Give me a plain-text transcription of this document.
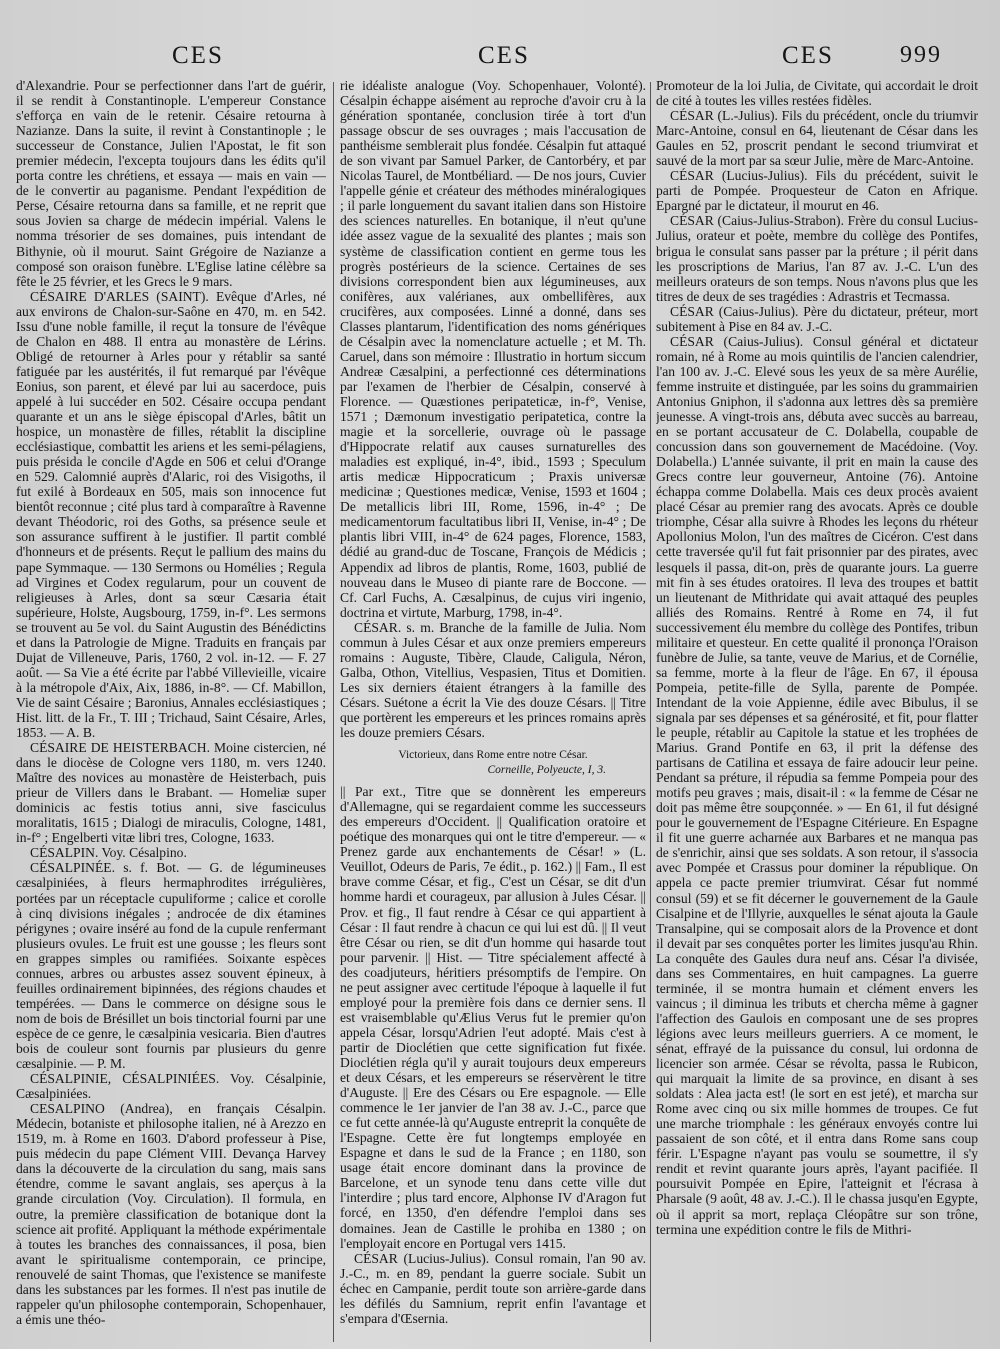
CES	CES	CES	999

d'Alexandrie. Pour se perfectionner dans l'art de guérir, il se rendit à Constantinople. L'empereur Constance s'efforça en vain de le retenir. Césaire retourna à Nazianze. Dans la suite, il revint à Constantinople ; le successeur de Constance, Julien l'Apostat, le fit son premier médecin, l'excepta toujours dans les édits qu'il porta contre les chrétiens, et essaya — mais en vain — de le convertir au paganisme. Pendant l'expédition de Perse, Césaire retourna dans sa famille, et ne reprit que sous Jovien sa charge de médecin impérial. Valens le nomma trésorier de ses domaines, puis intendant de Bithynie, où il mourut. Saint Grégoire de Nazianze a composé son oraison funèbre. L'Eglise latine célèbre sa fête le 25 février, et les Grecs le 9 mars.

CÉSAIRE D'ARLES (SAINT). Evêque d'Arles, né aux environs de Chalon-sur-Saône en 470, m. en 542. Issu d'une noble famille, il reçut la tonsure de l'évêque de Chalon en 488. Il entra au monastère de Lérins. Obligé de retourner à Arles pour y rétablir sa santé fatiguée par les austérités, il fut remarqué par l'évêque Eonius, son parent, et élevé par lui au sacerdoce, puis appelé à lui succéder en 502. Césaire occupa pendant quarante et un ans le siège épiscopal d'Arles, bâtit un hospice, un monastère de filles, rétablit la discipline ecclésiastique, combattit les ariens et les semi-pélagiens, puis présida le concile d'Agde en 506 et celui d'Orange en 529. Calomnié auprès d'Alaric, roi des Visigoths, il fut exilé à Bordeaux en 505, mais son innocence fut bientôt reconnue ; cité plus tard à comparaître à Ravenne devant Théodoric, roi des Goths, sa présence seule et son assurance suffirent à le justifier. Il partit comblé d'honneurs et de présents. Reçut le pallium des mains du pape Symmaque. — 130 Sermons ou Homélies ; Regula ad Virgines et Codex regularum, pour un couvent de religieuses à Arles, dont sa sœur Cæsaria était supérieure, Holste, Augsbourg, 1759, in-f°. Les sermons se trouvent au 5e vol. du Saint Augustin des Bénédictins et dans la Patrologie de Migne. Traduits en français par Dujat de Villeneuve, Paris, 1760, 2 vol. in-12. — F. 27 août. — Sa Vie a été écrite par l'abbé Villevieille, vicaire à la métropole d'Aix, Aix, 1886, in-8°. — Cf. Mabillon, Vie de saint Césaire ; Baronius, Annales ecclésiastiques ; Hist. litt. de la Fr., T. III ; Trichaud, Saint Césaire, Arles, 1853. — A. B.

CÉSAIRE DE HEISTERBACH. Moine cistercien, né dans le diocèse de Cologne vers 1180, m. vers 1240. Maître des novices au monastère de Heisterbach, puis prieur de Villers dans le Brabant. — Homeliæ super dominicis ac festis totius anni, sive fasciculus moralitatis, 1615 ; Dialogi de miraculis, Cologne, 1481, in-f° ; Engelberti vitæ libri tres, Cologne, 1633.

CÉSALPIN. Voy. Césalpino.

CÉSALPINÉE. s. f. Bot. — G. de légumineuses cæsalpiniées, à fleurs hermaphrodites irrégulières, portées par un réceptacle cupuliforme ; calice et corolle à cinq divisions inégales ; androcée de dix étamines périgynes ; ovaire inséré au fond de la cupule renfermant plusieurs ovules. Le fruit est une gousse ; les fleurs sont en grappes simples ou ramifiées. Soixante espèces connues, arbres ou arbustes assez souvent épineux, à feuilles ordinairement bipinnées, des régions chaudes et tempérées. — Dans le commerce on désigne sous le nom de bois de Brésillet un bois tinctorial fourni par une espèce de ce genre, le cæsalpinia vesicaria. Bien d'autres bois de couleur sont fournis par plusieurs du genre cæsalpinie. — P. M.

CÉSALPINIE, CÉSALPINIÉES. Voy. Césalpinie, Cæsalpiniées.

CESALPINO (Andrea), en français Césalpin. Médecin, botaniste et philosophe italien, né à Arezzo en 1519, m. à Rome en 1603. D'abord professeur à Pise, puis médecin du pape Clément VIII. Devança Harvey dans la découverte de la circulation du sang, mais sans étendre, comme le savant anglais, ses aperçus à la grande circulation (Voy. Circulation). Il formula, en outre, la première classification de botanique dont la science ait profité. Appliquant la méthode expérimentale à toutes les branches des connaissances, il posa, bien avant le spiritualisme contemporain, ce principe, renouvelé de saint Thomas, que l'existence se manifeste dans les substances par les formes. Il n'est pas inutile de rappeler qu'un philosophe contemporain, Schopenhauer, a émis une théo-

rie idéaliste analogue (Voy. Schopenhauer, Volonté). Césalpin échappe aisément au reproche d'avoir cru à la génération spontanée, conclusion tirée à tort d'un passage obscur de ses ouvrages ; mais l'accusation de panthéisme semblerait plus fondée. Césalpin fut attaqué de son vivant par Samuel Parker, de Cantorbéry, et par Nicolas Taurel, de Montbéliard. — De nos jours, Cuvier l'appelle génie et créateur des méthodes minéralogiques ; il parle longuement du savant italien dans son Histoire des sciences naturelles. En botanique, il n'eut qu'une idée assez vague de la sexualité des plantes ; mais son système de classification contient en germe tous les progrès postérieurs de la science. Certaines de ses divisions correspondent bien aux légumineuses, aux conifères, aux valérianes, aux ombellifères, aux crucifères, aux composées. Linné a donné, dans ses Classes plantarum, l'identification des noms génériques de Césalpin avec la nomenclature actuelle ; et M. Th. Caruel, dans son mémoire : Illustratio in hortum siccum Andreæ Cæsalpini, a perfectionné ces déterminations par l'examen de l'herbier de Césalpin, conservé à Florence. — Quæstiones peripateticæ, in-f°, Venise, 1571 ; Dæmonum investigatio peripatetica, contre la magie et la sorcellerie, ouvrage où le passage d'Hippocrate relatif aux causes surnaturelles des maladies est expliqué, in-4°, ibid., 1593 ; Speculum artis medicæ Hippocraticum ; Praxis universæ medicinæ ; Questiones medicæ, Venise, 1593 et 1604 ; De metallicis libri III, Rome, 1596, in-4° ; De medicamentorum facultatibus libri II, Venise, in-4° ; De plantis libri VIII, in-4° de 624 pages, Florence, 1583, dédié au grand-duc de Toscane, François de Médicis ; Appendix ad libros de plantis, Rome, 1603, publié de nouveau dans le Museo di piante rare de Boccone. — Cf. Carl Fuchs, A. Cæsalpinus, de cujus viri ingenio, doctrina et virtute, Marburg, 1798, in-4°.

CÉSAR. s. m. Branche de la famille de Julia. Nom commun à Jules César et aux onze premiers empereurs romains : Auguste, Tibère, Claude, Caligula, Néron, Galba, Othon, Vitellius, Vespasien, Titus et Domitien. Les six derniers étaient étrangers à la famille des Césars. Suétone a écrit la Vie des douze Césars. || Titre que portèrent les empereurs et les princes romains après les douze premiers Césars.

Victorieux, dans Rome entre notre César.
Corneille, Polyeucte, I, 3.

|| Par ext., Titre que se donnèrent les empereurs d'Allemagne, qui se regardaient comme les successeurs des empereurs d'Occident. || Qualification oratoire et poétique des monarques qui ont le titre d'empereur. — « Prenez garde aux enchantements de César! » (L. Veuillot, Odeurs de Paris, 7e édit., p. 162.) || Fam., Il est brave comme César, et fig., C'est un César, se dit d'un homme hardi et courageux, par allusion à Jules César. || Prov. et fig., Il faut rendre à César ce qui appartient à César : Il faut rendre à chacun ce qui lui est dû. || Il veut être César ou rien, se dit d'un homme qui hasarde tout pour parvenir. || Hist. — Titre spécialement affecté à des coadjuteurs, héritiers présomptifs de l'empire. On ne peut assigner avec certitude l'époque à laquelle il fut employé pour la première fois dans ce dernier sens. Il est vraisemblable qu'Ælius Verus fut le premier qu'on appela César, lorsqu'Adrien l'eut adopté. Mais c'est à partir de Dioclétien que cette signification fut fixée. Dioclétien régla qu'il y aurait toujours deux empereurs et deux Césars, et les empereurs se réservèrent le titre d'Auguste. || Ere des Césars ou Ere espagnole. — Elle commence le 1er janvier de l'an 38 av. J.-C., parce que ce fut cette année-là qu'Auguste entreprit la conquête de l'Espagne. Cette ère fut longtemps employée en Espagne et dans le sud de la France ; en 1180, son usage était encore dominant dans la province de Barcelone, et un synode tenu dans cette ville dut l'interdire ; plus tard encore, Alphonse IV d'Aragon fut forcé, en 1350, d'en défendre l'emploi dans ses domaines. Jean de Castille le prohiba en 1380 ; on l'employait encore en Portugal vers 1415.

CÉSAR (Lucius-Julius). Consul romain, l'an 90 av. J.-C., m. en 89, pendant la guerre sociale. Subit un échec en Campanie, perdit toute son arrière-garde dans les défilés du Samnium, reprit enfin l'avantage et s'empara d'Œsernia.

Promoteur de la loi Julia, de Civitate, qui accordait le droit de cité à toutes les villes restées fidèles.

CÉSAR (L.-Julius). Fils du précédent, oncle du triumvir Marc-Antoine, consul en 64, lieutenant de César dans les Gaules en 52, proscrit pendant le second triumvirat et sauvé de la mort par sa sœur Julie, mère de Marc-Antoine.

CÉSAR (Lucius-Julius). Fils du précédent, suivit le parti de Pompée. Proquesteur de Caton en Afrique. Epargné par le dictateur, il mourut en 46.

CÉSAR (Caius-Julius-Strabon). Frère du consul Lucius-Julius, orateur et poète, membre du collège des Pontifes, brigua le consulat sans passer par la préture ; il périt dans les proscriptions de Marius, l'an 87 av. J.-C. L'un des meilleurs orateurs de son temps. Nous n'avons plus que les titres de deux de ses tragédies : Adrastris et Tecmassa.

CÉSAR (Caius-Julius). Père du dictateur, préteur, mort subitement à Pise en 84 av. J.-C.

CÉSAR (Caius-Julius). Consul général et dictateur romain, né à Rome au mois quintilis de l'ancien calendrier, l'an 100 av. J.-C. Elevé sous les yeux de sa mère Aurélie, femme instruite et distinguée, par les soins du grammairien Antonius Gniphon, il s'adonna aux lettres dès sa première jeunesse. A vingt-trois ans, débuta avec succès au barreau, en se portant accusateur de C. Dolabella, coupable de concussion dans son gouvernement de Macédoine. (Voy. Dolabella.) L'année suivante, il prit en main la cause des Grecs contre leur gouverneur, Antoine (76). Antoine échappa comme Dolabella. Mais ces deux procès avaient placé César au premier rang des avocats. Après ce double triomphe, César alla suivre à Rhodes les leçons du rhéteur Apollonius Molon, l'un des maîtres de Cicéron. C'est dans cette traversée qu'il fut fait prisonnier par des pirates, avec lesquels il passa, dit-on, près de quarante jours. La guerre mit fin à ses études oratoires. Il leva des troupes et battit un lieutenant de Mithridate qui avait attaqué des peuples alliés des Romains. Rentré à Rome en 74, il fut successivement élu membre du collège des Pontifes, tribun militaire et questeur. En cette qualité il prononça l'Oraison funèbre de Julie, sa tante, veuve de Marius, et de Cornélie, sa femme, morte à la fleur de l'âge. En 67, il épousa Pompeia, petite-fille de Sylla, parente de Pompée. Intendant de la voie Appienne, édile avec Bibulus, il se signala par ses dépenses et sa générosité, et fit, pour flatter le peuple, rétablir au Capitole la statue et les trophées de Marius. Grand Pontife en 63, il prit la défense des partisans de Catilina et essaya de faire adoucir leur peine. Pendant sa préture, il répudia sa femme Pompeia pour des motifs peu graves ; mais, disait-il : « la femme de César ne doit pas même être soupçonnée. » — En 61, il fut désigné pour le gouvernement de l'Espagne Citérieure. En Espagne il fit une guerre acharnée aux Barbares et ne manqua pas de s'enrichir, ainsi que ses soldats. A son retour, il s'associa avec Pompée et Crassus pour dominer la république. On appela ce pacte premier triumvirat. César fut nommé consul (59) et se fit décerner le gouvernement de la Gaule Cisalpine et de l'Illyrie, auxquelles le sénat ajouta la Gaule Transalpine, qui se composait alors de la Provence et dont il devait par ses conquêtes porter les limites jusqu'au Rhin. La conquête des Gaules dura neuf ans. César l'a divisée, dans ses Commentaires, en huit campagnes. La guerre terminée, il se montra humain et clément envers les vaincus ; il diminua les tributs et chercha même à gagner l'affection des Gaulois en composant une de ses propres légions avec leurs meilleurs guerriers. A ce moment, le sénat, effrayé de la puissance du consul, lui ordonna de licencier son armée. César se révolta, passa le Rubicon, qui marquait la limite de sa province, en disant à ses soldats : Alea jacta est! (le sort en est jeté), et marcha sur Rome avec cinq ou six mille hommes de troupes. Ce fut une marche triomphale : les généraux envoyés contre lui passaient de son côté, et il entra dans Rome sans coup férir. L'Espagne n'ayant pas voulu se soumettre, il s'y rendit et revint quarante jours après, l'ayant pacifiée. Il poursuivit Pompée en Epire, l'atteignit et l'écrasa à Pharsale (9 août, 48 av. J.-C.). Il le chassa jusqu'en Egypte, où il apprit sa mort, replaça Cléopâtre sur son trône, termina une expédition contre le fils de Mithri-
